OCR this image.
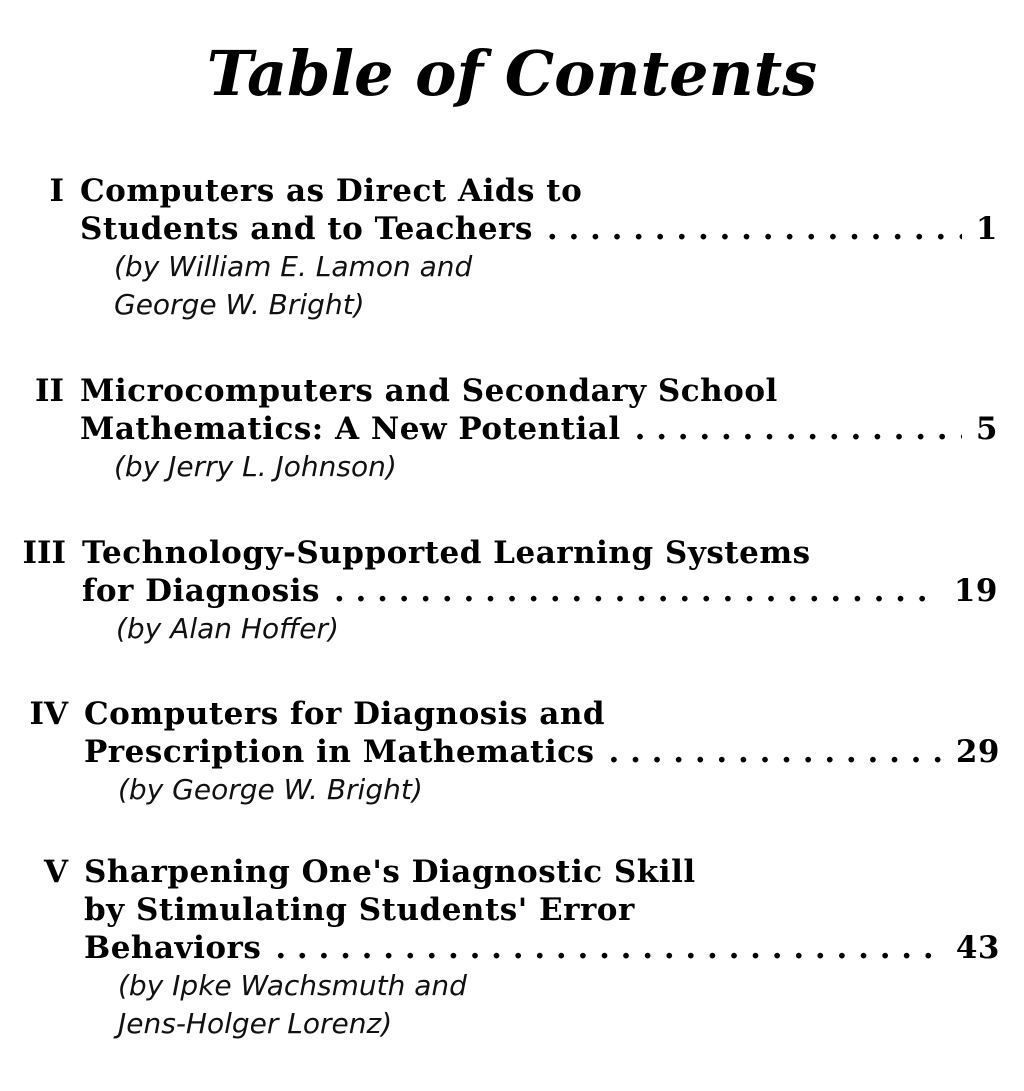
Table of Contents
I Computers as Direct Aids to
Students and to Teachers . . .	1
(by William E. Lamon and
George W. Bright)
II Microcomputers and Secondary School
Mathematics: A New Potential . . .	5
(by Jerry L. Johnson)
III Technology-Supported Learning Systems
for Diagnosis . . .	19
(by Alan Hoffer)
IV Computers for Diagnosis and
Prescription in Mathematics . . .	29
(by George W. Bright)
V Sharpening One's Diagnostic Skill
by Stimulating Students' Error
Behaviors . . .	43
(by Ipke Wachsmuth and
Jens-Holger Lorenz)
